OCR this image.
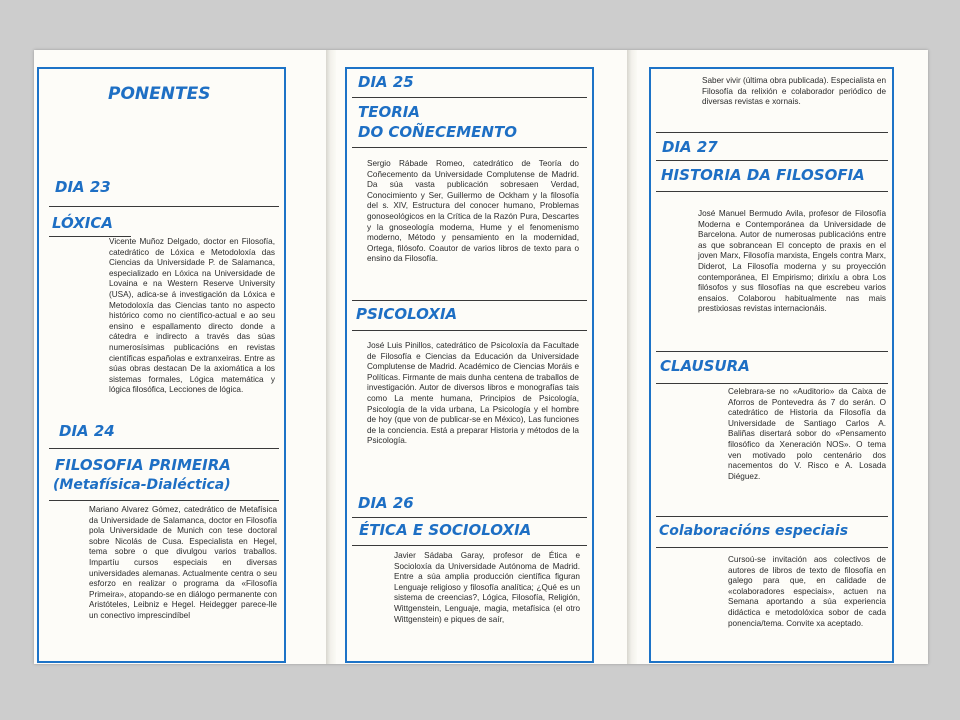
PONENTES
DIA 23
LÓXICA

Vicente Muñoz Delgado, doctor en Filosofía, catedrático de Lóxica e Metodoloxía das Ciencias da Universidade P. de Salamanca, especializado en Lóxica na Universidade de Lovaina e na Western Reserve University (USA), adica-se á investigación da Lóxica e Metodoloxía das Ciencias tanto no aspecto histórico como no científico-actual e ao seu ensino e espallamento directo donde a cátedra e indirecto a través das súas numerosísimas publicacións en revistas científicas españolas e extranxeiras. Entre as súas obras destacan De la axiomática a los sistemas formales, Lógica matemática y lógica filosófica, Lecciones de lógica.

DIA 24
FILOSOFIA PRIMEIRA
(Metafísica-Dialéctica)

Mariano Alvarez Gómez, catedrático de Metafísica da Universidade de Salamanca, doctor en Filosofía pola Universidade de Munich con tese doctoral sobre Nicolás de Cusa. Especialista en Hegel, tema sobre o que divulgou varios traballos. Impartíu cursos especiais en diversas universidades alemanas. Actualmente centra o seu esforzo en realizar o programa da «Filosofía Primeira», atopando-se en diálogo permanente con Aristóteles, Leibniz e Hegel. Heidegger parece-lle un conectivo imprescindíbel

DIA 25
TEORIA
DO COÑECEMENTO

Sergio Rábade Romeo, catedrático de Teoría do Coñecemento da Universidade Complutense de Madrid. Da súa vasta publicación sobresaen Verdad, Conocimiento y Ser, Guillermo de Ockham y la filosofía del s. XIV, Estructura del conocer humano, Problemas gonoseológicos en la Crítica de la Razón Pura, Descartes y la gnoseología moderna, Hume y el fenomenismo moderno, Método y pensamiento en la modernidad, Ortega, filósofo. Coautor de varios libros de texto para o ensino da Filosofía.

PSICOLOXIA

José Luis Pinillos, catedrático de Psicoloxía da Facultade de Filosofía e Ciencias da Educación da Universidade Complutense de Madrid. Académico de Ciencias Moráis e Políticas. Firmante de mais dunha centena de traballos de investigación. Autor de diversos libros e monografías tais como La mente humana, Principios de Psicología, Psicología de la vida urbana, La Psicología y el hombre de hoy (que von de publicar-se en México), Las funciones de la conciencia. Está a preparar Historia y métodos de la Psicología.

DIA 26
ÉTICA E SOCIOLOXIA

Javier Sádaba Garay, profesor de Ética e Socioloxía da Universidade Autónoma de Madrid. Entre a súa amplia producción científica figuran Lenguaje religioso y filosofía analítica; ¿Qué es un sistema de creencias?, Lógica, Filosofía, Religión, Wittgenstein, Lenguaje, magia, metafísica (el otro Wittgenstein) e piques de saír,

Saber vivir (última obra publicada). Especialista en Filosofía da relixión e colaborador periódico de diversas revistas e xornais.

DIA 27
HISTORIA DA FILOSOFIA

José Manuel Bermudo Avila, profesor de Filosofía Moderna e Contemporánea da Universidade de Barcelona. Autor de numerosas publicacións entre as que sobrancean El concepto de praxis en el joven Marx, Filosofía marxista, Engels contra Marx, Diderot, La Filosofía moderna y su proyección contemporánea, El Empirismo; dirixíu a obra Los filósofos y sus filosofías na que escrebeu varios ensaios. Colaborou habitualmente nas mais prestixiosas revistas internacionáis.

CLAUSURA

Celebrara-se no «Auditorio» da Caixa de Aforros de Pontevedra ás 7 do serán. O catedrático de Historia da Filosofía da Universidade de Santiago Carlos A. Baliñas disertará sobor do «Pensamento filosófico da Xeneración NOS». O tema ven motivado polo centenário dos nacementos do V. Risco e A. Losada Diéguez.

Colaboracións especiais

Cursoú-se invitación aos colectivos de autores de libros de texto de filosofía en galego para que, en calidade de «colaboradores especiais», actuen na Semana aportando a súa experiencia didáctica e metodolóxica sobor de cada ponencia/tema. Convite xa aceptado.
